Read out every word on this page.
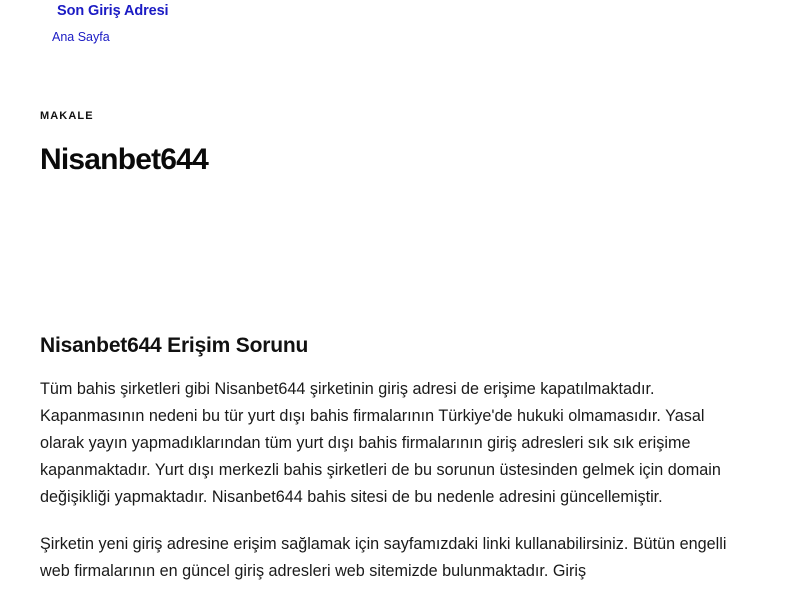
Son Giriş Adresi
Ana Sayfa
MAKALE
Nisanbet644
Nisanbet644 Erişim Sorunu

Tüm bahis şirketleri gibi Nisanbet644 şirketinin giriş adresi de erişime kapatılmaktadır. Kapanmasının nedeni bu tür yurt dışı bahis firmalarının Türkiye'de hukuki olmamasıdır. Yasal olarak yayın yapmadıklarından tüm yurt dışı bahis firmalarının giriş adresleri sık sık erişime kapanmaktadır. Yurt dışı merkezli bahis şirketleri de bu sorunun üstesinden gelmek için domain değişikliği yapmaktadır. Nisanbet644 bahis sitesi de bu nedenle adresini güncellemiştir.

Şirketin yeni giriş adresine erişim sağlamak için sayfamızdaki linki kullanabilirsiniz. Bütün engelli web firmalarının en güncel giriş adresleri web sitemizde bulunmaktadır. Giriş
